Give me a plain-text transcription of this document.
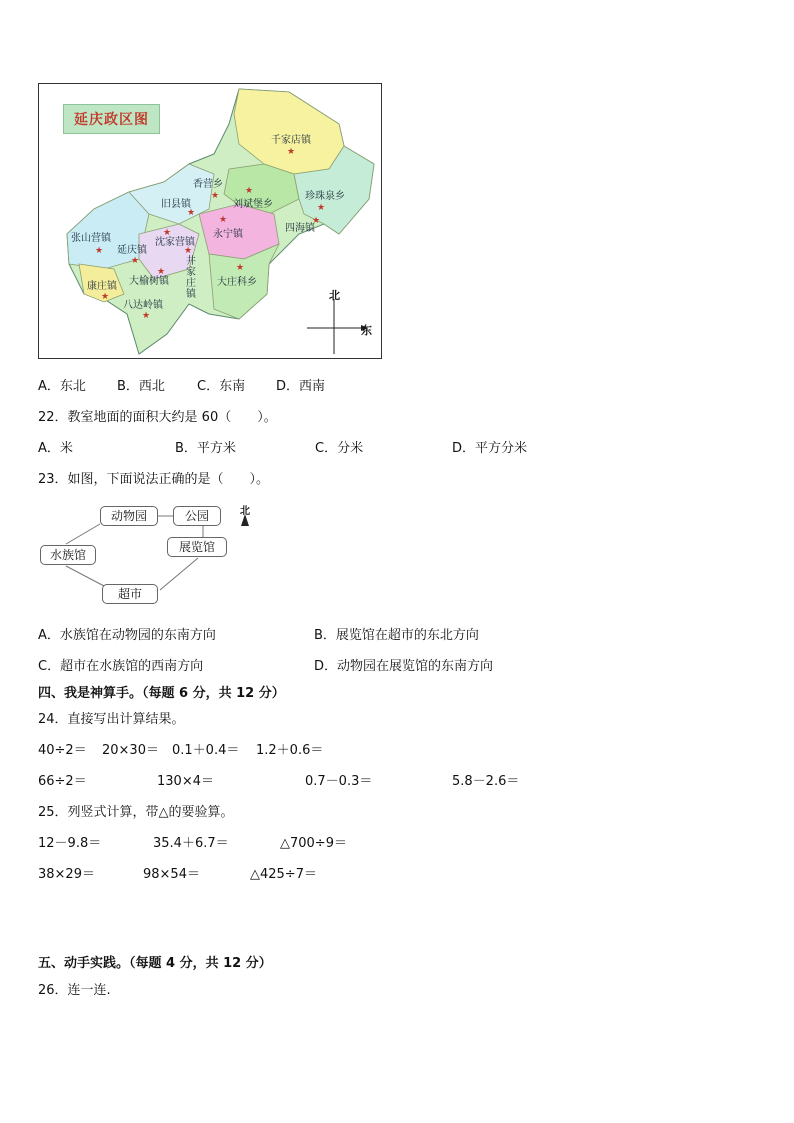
延庆政区图
千家店镇
★
香营乡
★	珍珠泉乡
★
旧县镇
★
刘斌堡乡
★
四海镇
★
张山营镇
★
沈家营镇
★	永宁镇
★
延庆镇
★	井家庄镇
★
大庄科乡
★
大榆树镇
★
康庄镇
★
八达岭镇
★
北
东
A．东北 B．西北 C．东南 D．西南
22．教室地面的面积大约是 60（　　）。
A．米	B．平方米	C．分米	D．平方分米
23．如图，下面说法正确的是（　　）。
动物园	公园
水族馆
展览馆
超市
北
A．水族馆在动物园的东南方向	B．展览馆在超市的东北方向
C．超市在水族馆的西南方向	D．动物园在展览馆的东南方向
四、我是神算手。（每题 6 分，共 12 分）
24．直接写出计算结果。
40÷2＝ 20×30＝ 0.1＋0.4＝ 1.2＋0.6＝
66÷2＝	130×4＝	0.7－0.3＝	5.8－2.6＝
25．列竖式计算，带△的要验算。
12－9.8＝	35.4＋6.7＝	△700÷9＝
38×29＝	98×54＝	△425÷7＝
五、动手实践。（每题 4 分，共 12 分）
26．连一连.
